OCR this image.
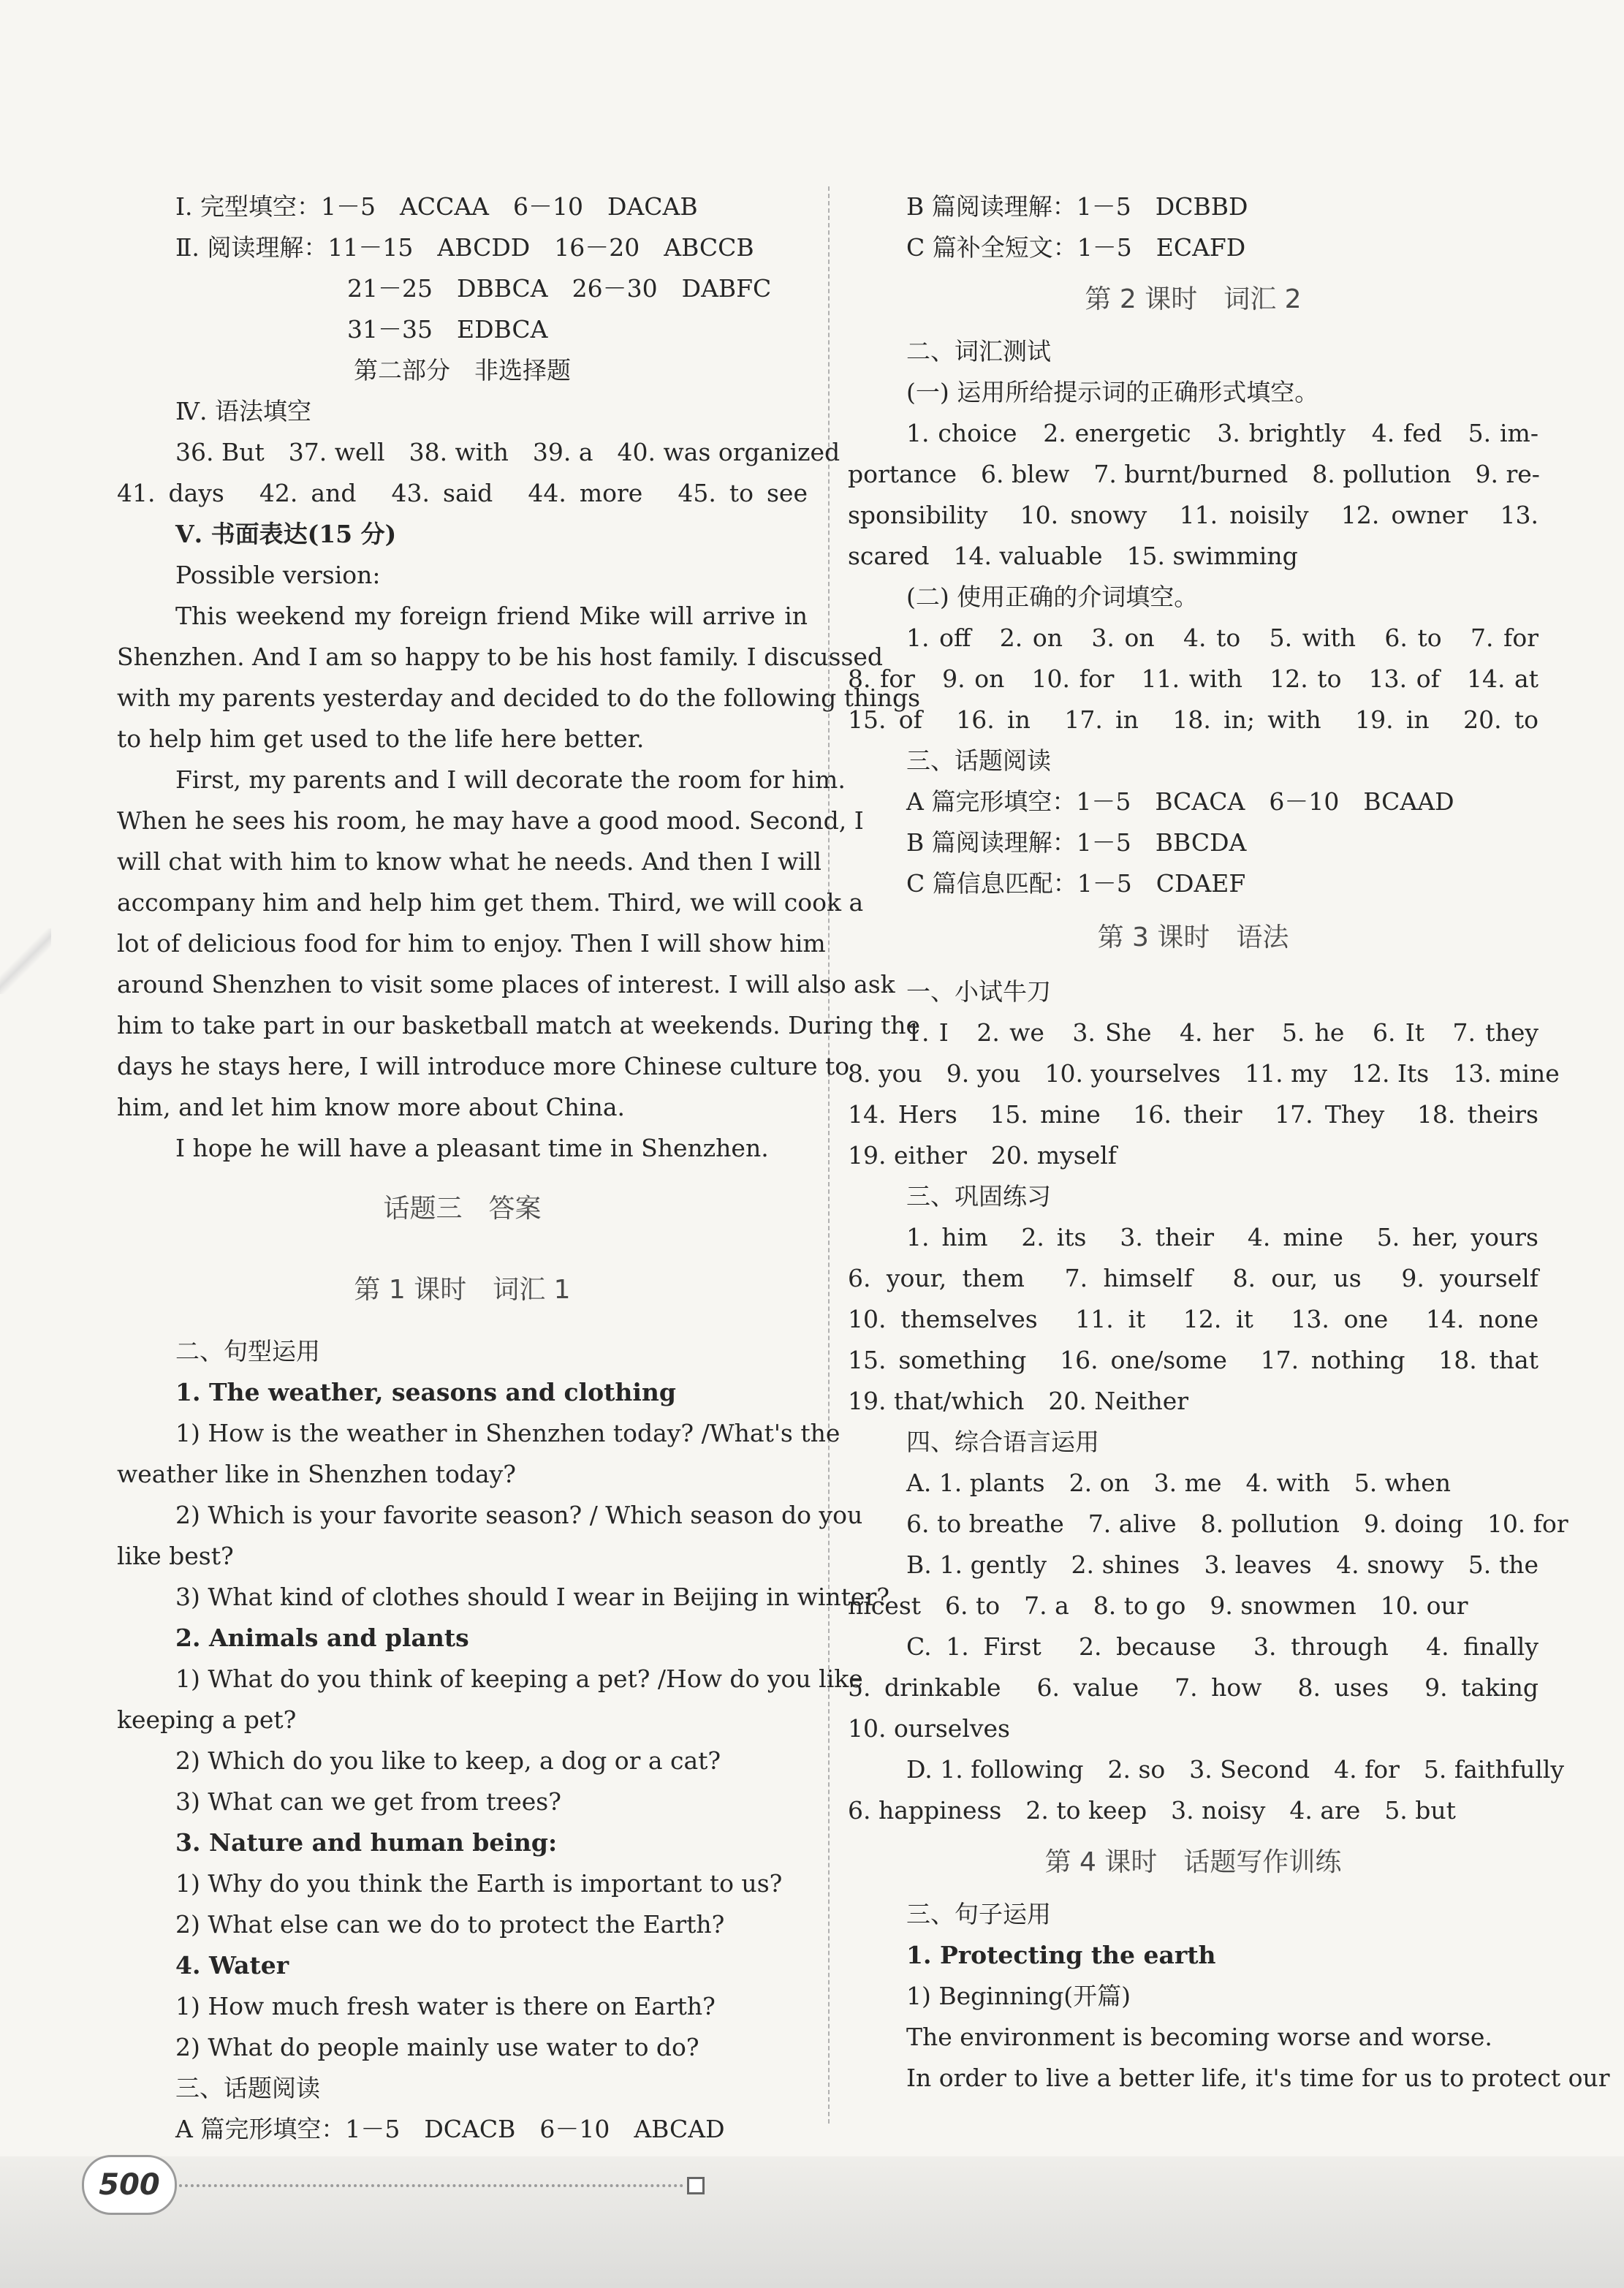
Ⅰ. 完型填空：1－5　ACCAA　6－10　DACAB
Ⅱ. 阅读理解：11－15　ABCDD　16－20　ABCCB
21－25　DBBCA　26－30　DABFC
31－35　EDBCA
第二部分　非选择题
Ⅳ. 语法填空
36. But　37. well　38. with　39. a　40. was organized
41. days　42. and　43. said　44. more　45. to see
Ⅴ. 书面表达(15 分)
Possible version:
This weekend my foreign friend Mike will arrive in
Shenzhen. And I am so happy to be his host family. I discussed
with my parents yesterday and decided to do the following things
to help him get used to the life here better.
First, my parents and I will decorate the room for him.
When he sees his room, he may have a good mood. Second, I
will chat with him to know what he needs. And then I will
accompany him and help him get them. Third, we will cook a
lot of delicious food for him to enjoy. Then I will show him
around Shenzhen to visit some places of interest. I will also ask
him to take part in our basketball match at weekends. During the
days he stays here, I will introduce more Chinese culture to
him, and let him know more about China.
I hope he will have a pleasant time in Shenzhen.
话题三　答案
第 1 课时　词汇 1
二、句型运用
1. The weather, seasons and clothing
1) How is the weather in Shenzhen today? /What's the
weather like in Shenzhen today?
2) Which is your favorite season? / Which season do you
like best?
3) What kind of clothes should I wear in Beijing in winter?
2. Animals and plants
1) What do you think of keeping a pet? /How do you like
keeping a pet?
2) Which do you like to keep, a dog or a cat?
3) What can we get from trees?
3. Nature and human being:
1) Why do you think the Earth is important to us?
2) What else can we do to protect the Earth?
4. Water
1) How much fresh water is there on Earth?
2) What do people mainly use water to do?
三、话题阅读
A 篇完形填空：1－5　DCACB　6－10　ABCAD
B 篇阅读理解：1－5　DCBBD
C 篇补全短文：1－5　ECAFD
第 2 课时　词汇 2
二、词汇测试
(一) 运用所给提示词的正确形式填空。
1. choice　2. energetic　3. brightly　4. fed　5. im-
portance　6. blew　7. burnt/burned　8. pollution　9. re-
sponsibility　10. snowy　11. noisily　12. owner　13.
scared　14. valuable　15. swimming
(二) 使用正确的介词填空。
1. off　2. on　3. on　4. to　5. with　6. to　7. for
8. for　9. on　10. for　11. with　12. to　13. of　14. at
15. of　16. in　17. in　18. in; with　19. in　20. to
三、话题阅读
A 篇完形填空：1－5　BCACA　6－10　BCAAD
B 篇阅读理解：1－5　BBCDA
C 篇信息匹配：1－5　CDAEF
第 3 课时　语法
一、小试牛刀
1. I　2. we　3. She　4. her　5. he　6. It　7. they
8. you　9. you　10. yourselves　11. my　12. Its　13. mine
14. Hers　15. mine　16. their　17. They　18. theirs
19. either　20. myself
三、巩固练习
1. him　2. its　3. their　4. mine　5. her, yours
6. your, them　7. himself　8. our, us　9. yourself
10. themselves　11. it　12. it　13. one　14. none
15. something　16. one/some　17. nothing　18. that
19. that/which　20. Neither
四、综合语言运用
A. 1. plants　2. on　3. me　4. with　5. when
6. to breathe　7. alive　8. pollution　9. doing　10. for
B. 1. gently　2. shines　3. leaves　4. snowy　5. the
nicest　6. to　7. a　8. to go　9. snowmen　10. our
C. 1. First　2. because　3. through　4. finally
5. drinkable　6. value　7. how　8. uses　9. taking
10. ourselves
D. 1. following　2. so　3. Second　4. for　5. faithfully
6. happiness　2. to keep　3. noisy　4. are　5. but
第 4 课时　话题写作训练
三、句子运用
1. Protecting the earth
1) Beginning(开篇)
The environment is becoming worse and worse.
In order to live a better life, it's time for us to protect our
500
